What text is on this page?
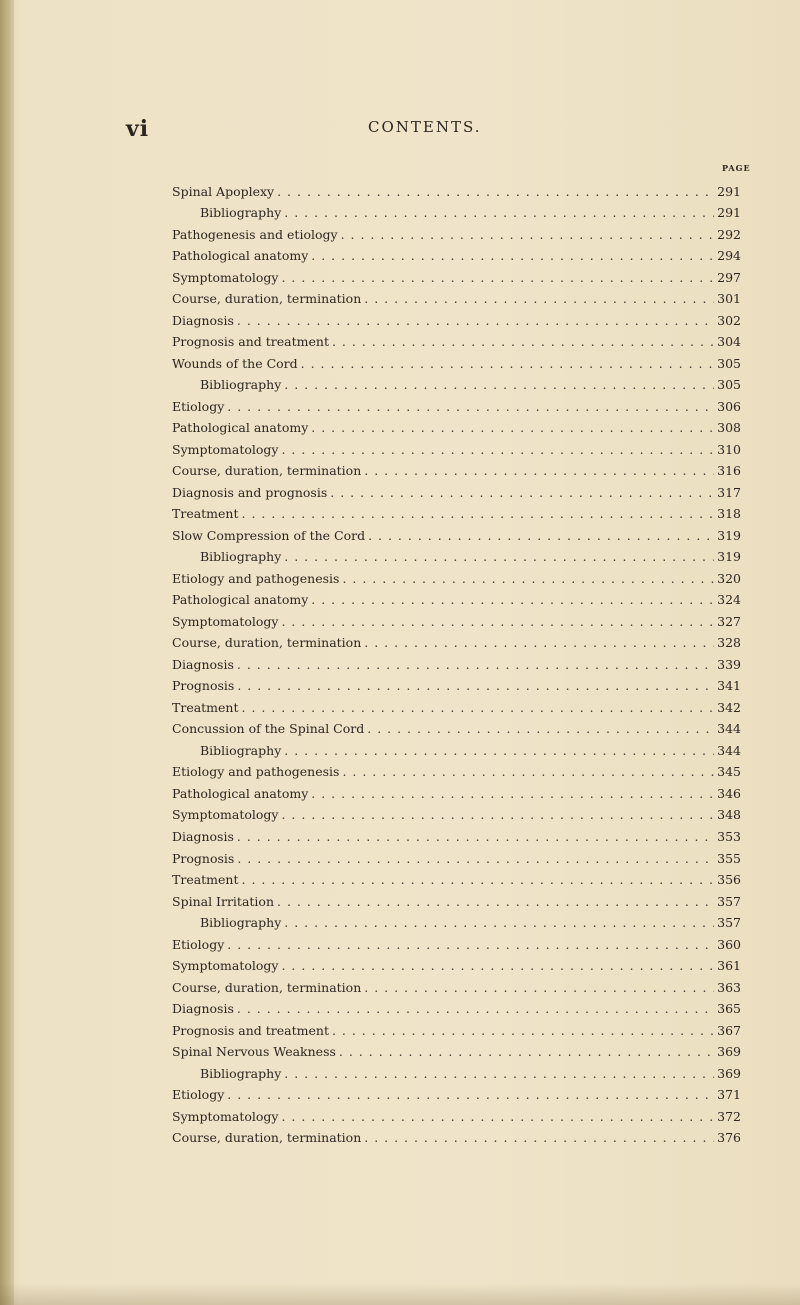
vi	CONTENTS.
PAGE
Spinal Apoplexy . . .	291
Bibliography . . .	291
Pathogenesis and etiology . . .	292
Pathological anatomy . . .	294
Symptomatology . . .	297
Course, duration, termination . . .	301
Diagnosis . . .	302
Prognosis and treatment . . .	304
Wounds of the Cord . . .	305
Bibliography . . .	305
Etiology . . .	306
Pathological anatomy . . .	308
Symptomatology . . .	310
Course, duration, termination . . .	316
Diagnosis and prognosis . . .	317
Treatment . . .	318
Slow Compression of the Cord . . .	319
Bibliography . . .	319
Etiology and pathogenesis . . .	320
Pathological anatomy . . .	324
Symptomatology . . .	327
Course, duration, termination . . .	328
Diagnosis . . .	339
Prognosis . . .	341
Treatment . . .	342
Concussion of the Spinal Cord . . .	344
Bibliography . . .	344
Etiology and pathogenesis . . .	345
Pathological anatomy . . .	346
Symptomatology . . .	348
Diagnosis . . .	353
Prognosis . . .	355
Treatment . . .	356
Spinal Irritation . . .	357
Bibliography . . .	357
Etiology . . .	360
Symptomatology . . .	361
Course, duration, termination . . .	363
Diagnosis . . .	365
Prognosis and treatment . . .	367
Spinal Nervous Weakness . . .	369
Bibliography . . .	369
Etiology . . .	371
Symptomatology . . .	372
Course, duration, termination . . .	376
